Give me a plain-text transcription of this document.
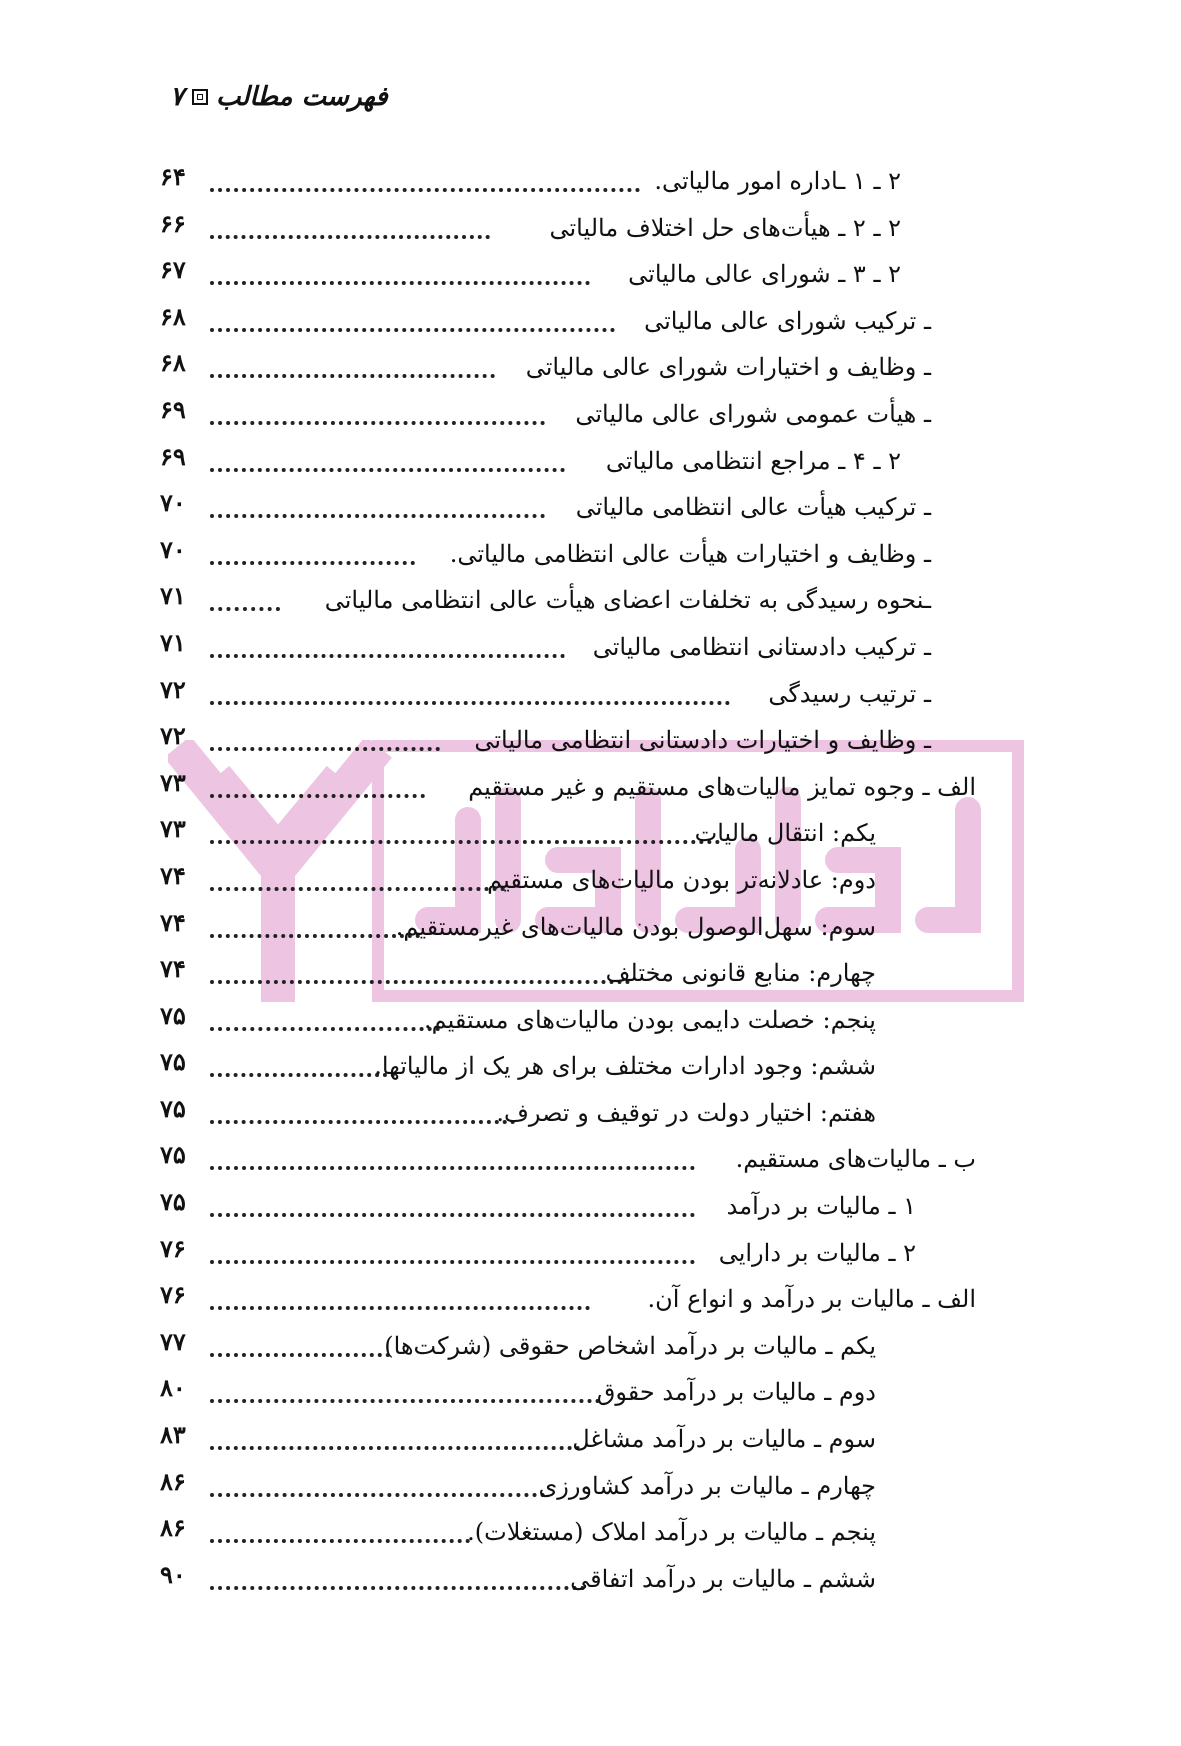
فهرست مطالب
۷
۲ ـ ۱ ـاداره امور مالیاتی.
۶۴
۲ ـ ۲ ـ هیأت‌های حل اختلاف مالیاتی
۶۶
۲ ـ ۳ ـ شورای عالی مالیاتی
۶۷
ـ ترکیب شورای عالی مالیاتی
۶۸
ـ وظایف و اختیارات شورای عالی مالیاتی
۶۸
ـ هیأت عمومی شورای عالی مالیاتی
۶۹
۲ ـ ۴ ـ مراجع انتظامی مالیاتی
۶۹
ـ ترکیب هیأت عالی انتظامی مالیاتی
۷۰
ـ وظایف و اختیارات هیأت عالی انتظامی مالیاتی.
۷۰
ـنحوه رسیدگی به تخلفات اعضای هیأت عالی انتظامی مالیاتی
۷۱
ـ ترکیب دادستانی انتظامی مالیاتی
۷۱
ـ ترتیب رسیدگی
۷۲
ـ وظایف و اختیارات دادستانی انتظامی مالیاتی
۷۲
الف ـ وجوه تمایز مالیات‌های مستقیم و غیر مستقیم
۷۳
یکم: انتقال مالیات
۷۳
دوم: عادلانه‌تر بودن مالیات‌های مستقیم
۷۴
سوم: سهل‌الوصول بودن مالیات‌های غیرمستقیم.
۷۴
چهارم: منابع قانونی مختلف
۷۴
پنجم: خصلت دایمی بودن مالیات‌های مستقیم.
۷۵
ششم: وجود ادارات مختلف برای هر یک از مالیاتها.
۷۵
هفتم: اختیار دولت در توقیف و تصرف.
۷۵
ب ـ مالیات‌های مستقیم.
۷۵
۱ ـ مالیات بر درآمد
۷۵
۲ ـ مالیات بر دارایی
۷۶
الف ـ مالیات بر درآمد و انواع آن.
۷۶
یکم ـ مالیات بر درآمد اشخاص حقوقی (شرکت‌ها)
۷۷
دوم ـ مالیات بر درآمد حقوق
۸۰
سوم ـ مالیات بر درآمد مشاغل
۸۳
چهارم ـ مالیات بر درآمد کشاورزی
۸۶
پنجم ـ مالیات بر درآمد املاک (مستغلات).
۸۶
ششم ـ مالیات بر درآمد اتفاقی
۹۰
